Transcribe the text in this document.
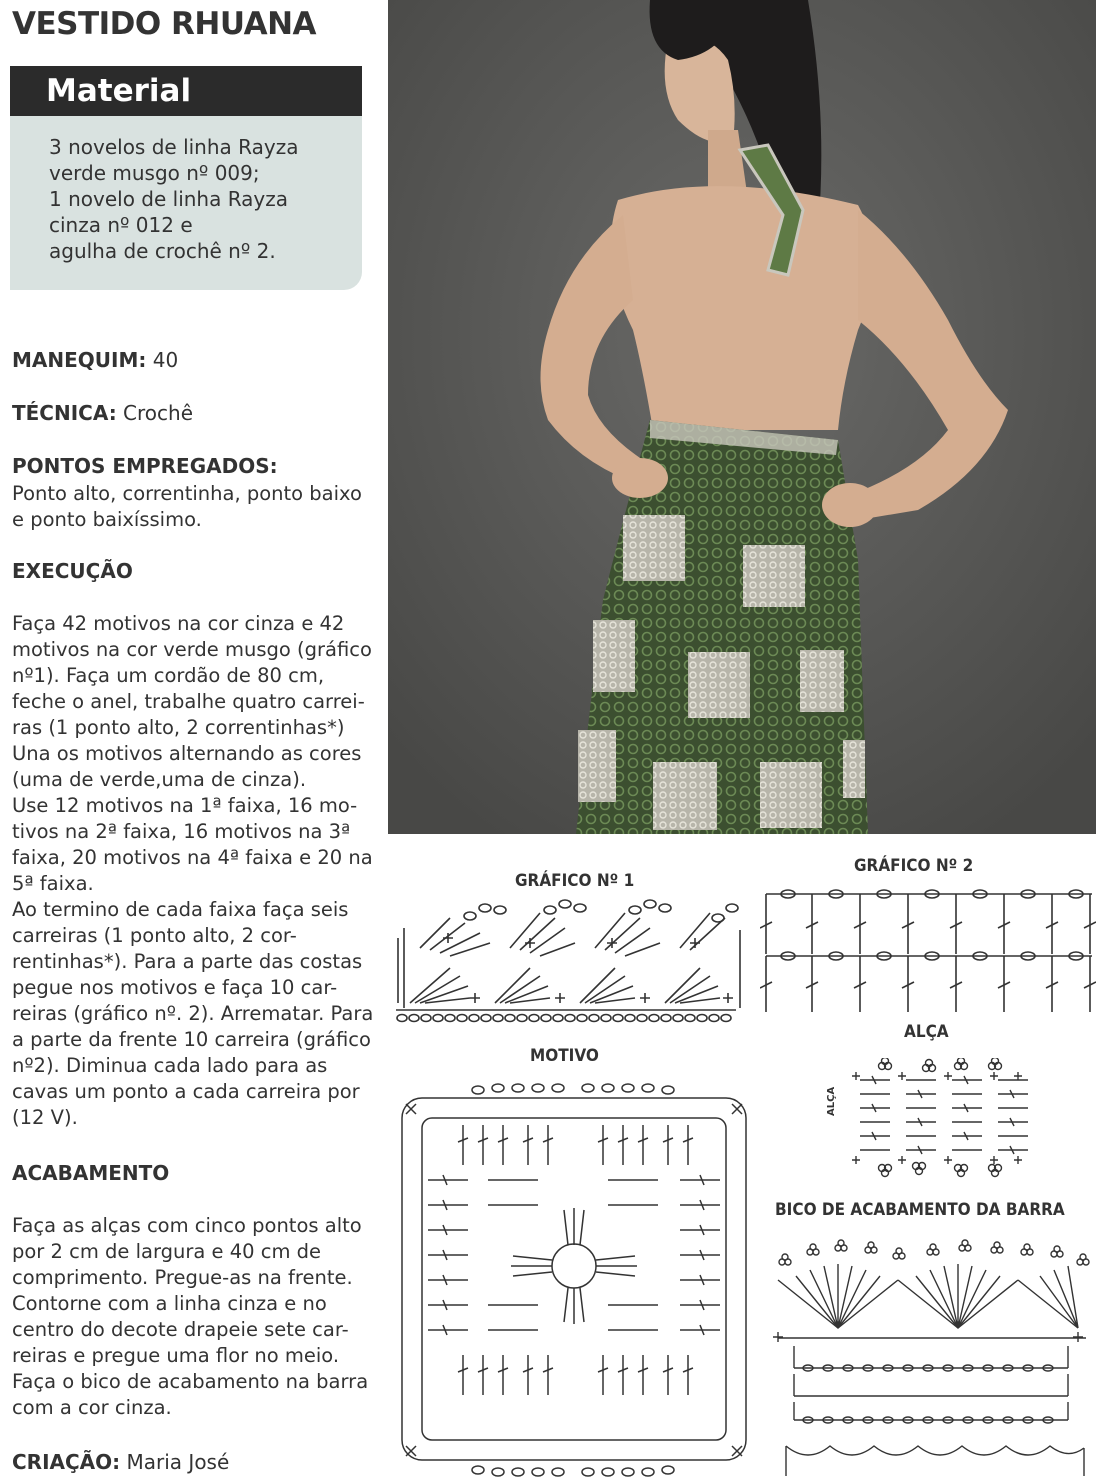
VESTIDO RHUANA
Material
3 novelos de linha Rayza
verde musgo nº 009;
1 novelo de linha Rayza
cinza nº 012 e
agulha de crochê nº 2.
MANEQUIM: 40
TÉCNICA: Crochê
PONTOS EMPREGADOS:
Ponto alto, correntinha, ponto baixo
e ponto baixíssimo.
EXECUÇÃO
Faça 42 motivos na cor cinza e 42
motivos na cor verde musgo (gráfico
nº1). Faça um cordão de 80 cm,
feche o anel, trabalhe quatro carrei-
ras (1 ponto alto, 2 correntinhas*)
Una os motivos alternando as cores
(uma de verde,uma de cinza).
Use 12 motivos na 1ª faixa, 16 mo-
tivos na 2ª faixa, 16 motivos na 3ª
faixa, 20 motivos na 4ª faixa e 20 na
5ª faixa.
Ao termino de cada faixa faça seis
carreiras (1 ponto alto, 2 cor-
rentinhas*). Para a parte das costas
pegue nos motivos e faça 10 car-
reiras (gráfico nº. 2). Arrematar. Para
a parte da frente 10 carreira (gráfico
nº2). Diminua cada lado para as
cavas um ponto a cada carreira por
(12 V).
ACABAMENTO
Faça as alças com cinco pontos alto
por 2 cm de largura e 40 cm de
comprimento. Pregue-as na frente.
Contorne com a linha cinza e no
centro do decote drapeie sete car-
reiras e pregue uma flor no meio.
Faça o bico de acabamento na barra
com a cor cinza.
CRIAÇÃO: Maria José
GRÁFICO Nº 1
GRÁFICO Nº 2
MOTIVO
ALÇA
BICO DE ACABAMENTO DA BARRA
ALÇA
